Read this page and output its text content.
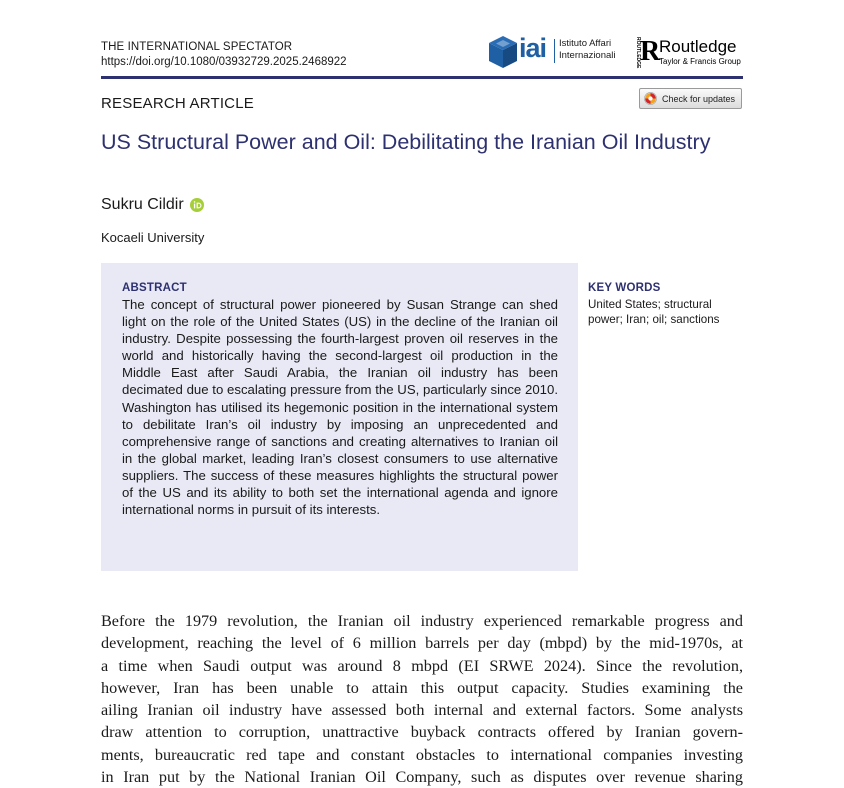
THE INTERNATIONAL SPECTATOR
https://doi.org/10.1080/03932729.2025.2468922	iai Istituto Affari
Internazionali	ROUTLEDGE R
Routledge
Taylor & Francis Group
RESEARCH ARTICLE	Check for updates
US Structural Power and Oil: Debilitating the Iranian Oil Industry
Sukru Cildir
Kocaeli University
ABSTRACT
The concept of structural power pioneered by Susan Strange can shed light on the role of the United States (US) in the decline of the Iranian oil industry. Despite possessing the fourth-largest proven oil reserves in the world and historically having the second-largest oil production in the Middle East after Saudi Arabia, the Iranian oil industry has been decimated due to escalating pressure from the US, particularly since 2010. Washington has utilised its hegemonic position in the international system to debilitate Iran’s oil industry by imposing an unprecedented and comprehensive range of sanctions and creating alternatives to Iranian oil in the global market, leading Iran’s closest consumers to use alternative suppliers. The success of these measures highlights the structural power of the US and its ability to both set the international agenda and ignore international norms in pursuit of its interests.
KEY WORDS
United States; structural power; Iran; oil; sanctions
Before the 1979 revolution, the Iranian oil industry experienced remarkable progress and
development, reaching the level of 6 million barrels per day (mbpd) by the mid-1970s, at
a time when Saudi output was around 8 mbpd (EI SRWE 2024). Since the revolution,
however, Iran has been unable to attain this output capacity. Studies examining the
ailing Iranian oil industry have assessed both internal and external factors. Some analysts
draw attention to corruption, unattractive buyback contracts offered by Iranian govern-
ments, bureaucratic red tape and constant obstacles to international companies investing
in Iran put by the National Iranian Oil Company, such as disputes over revenue sharing
